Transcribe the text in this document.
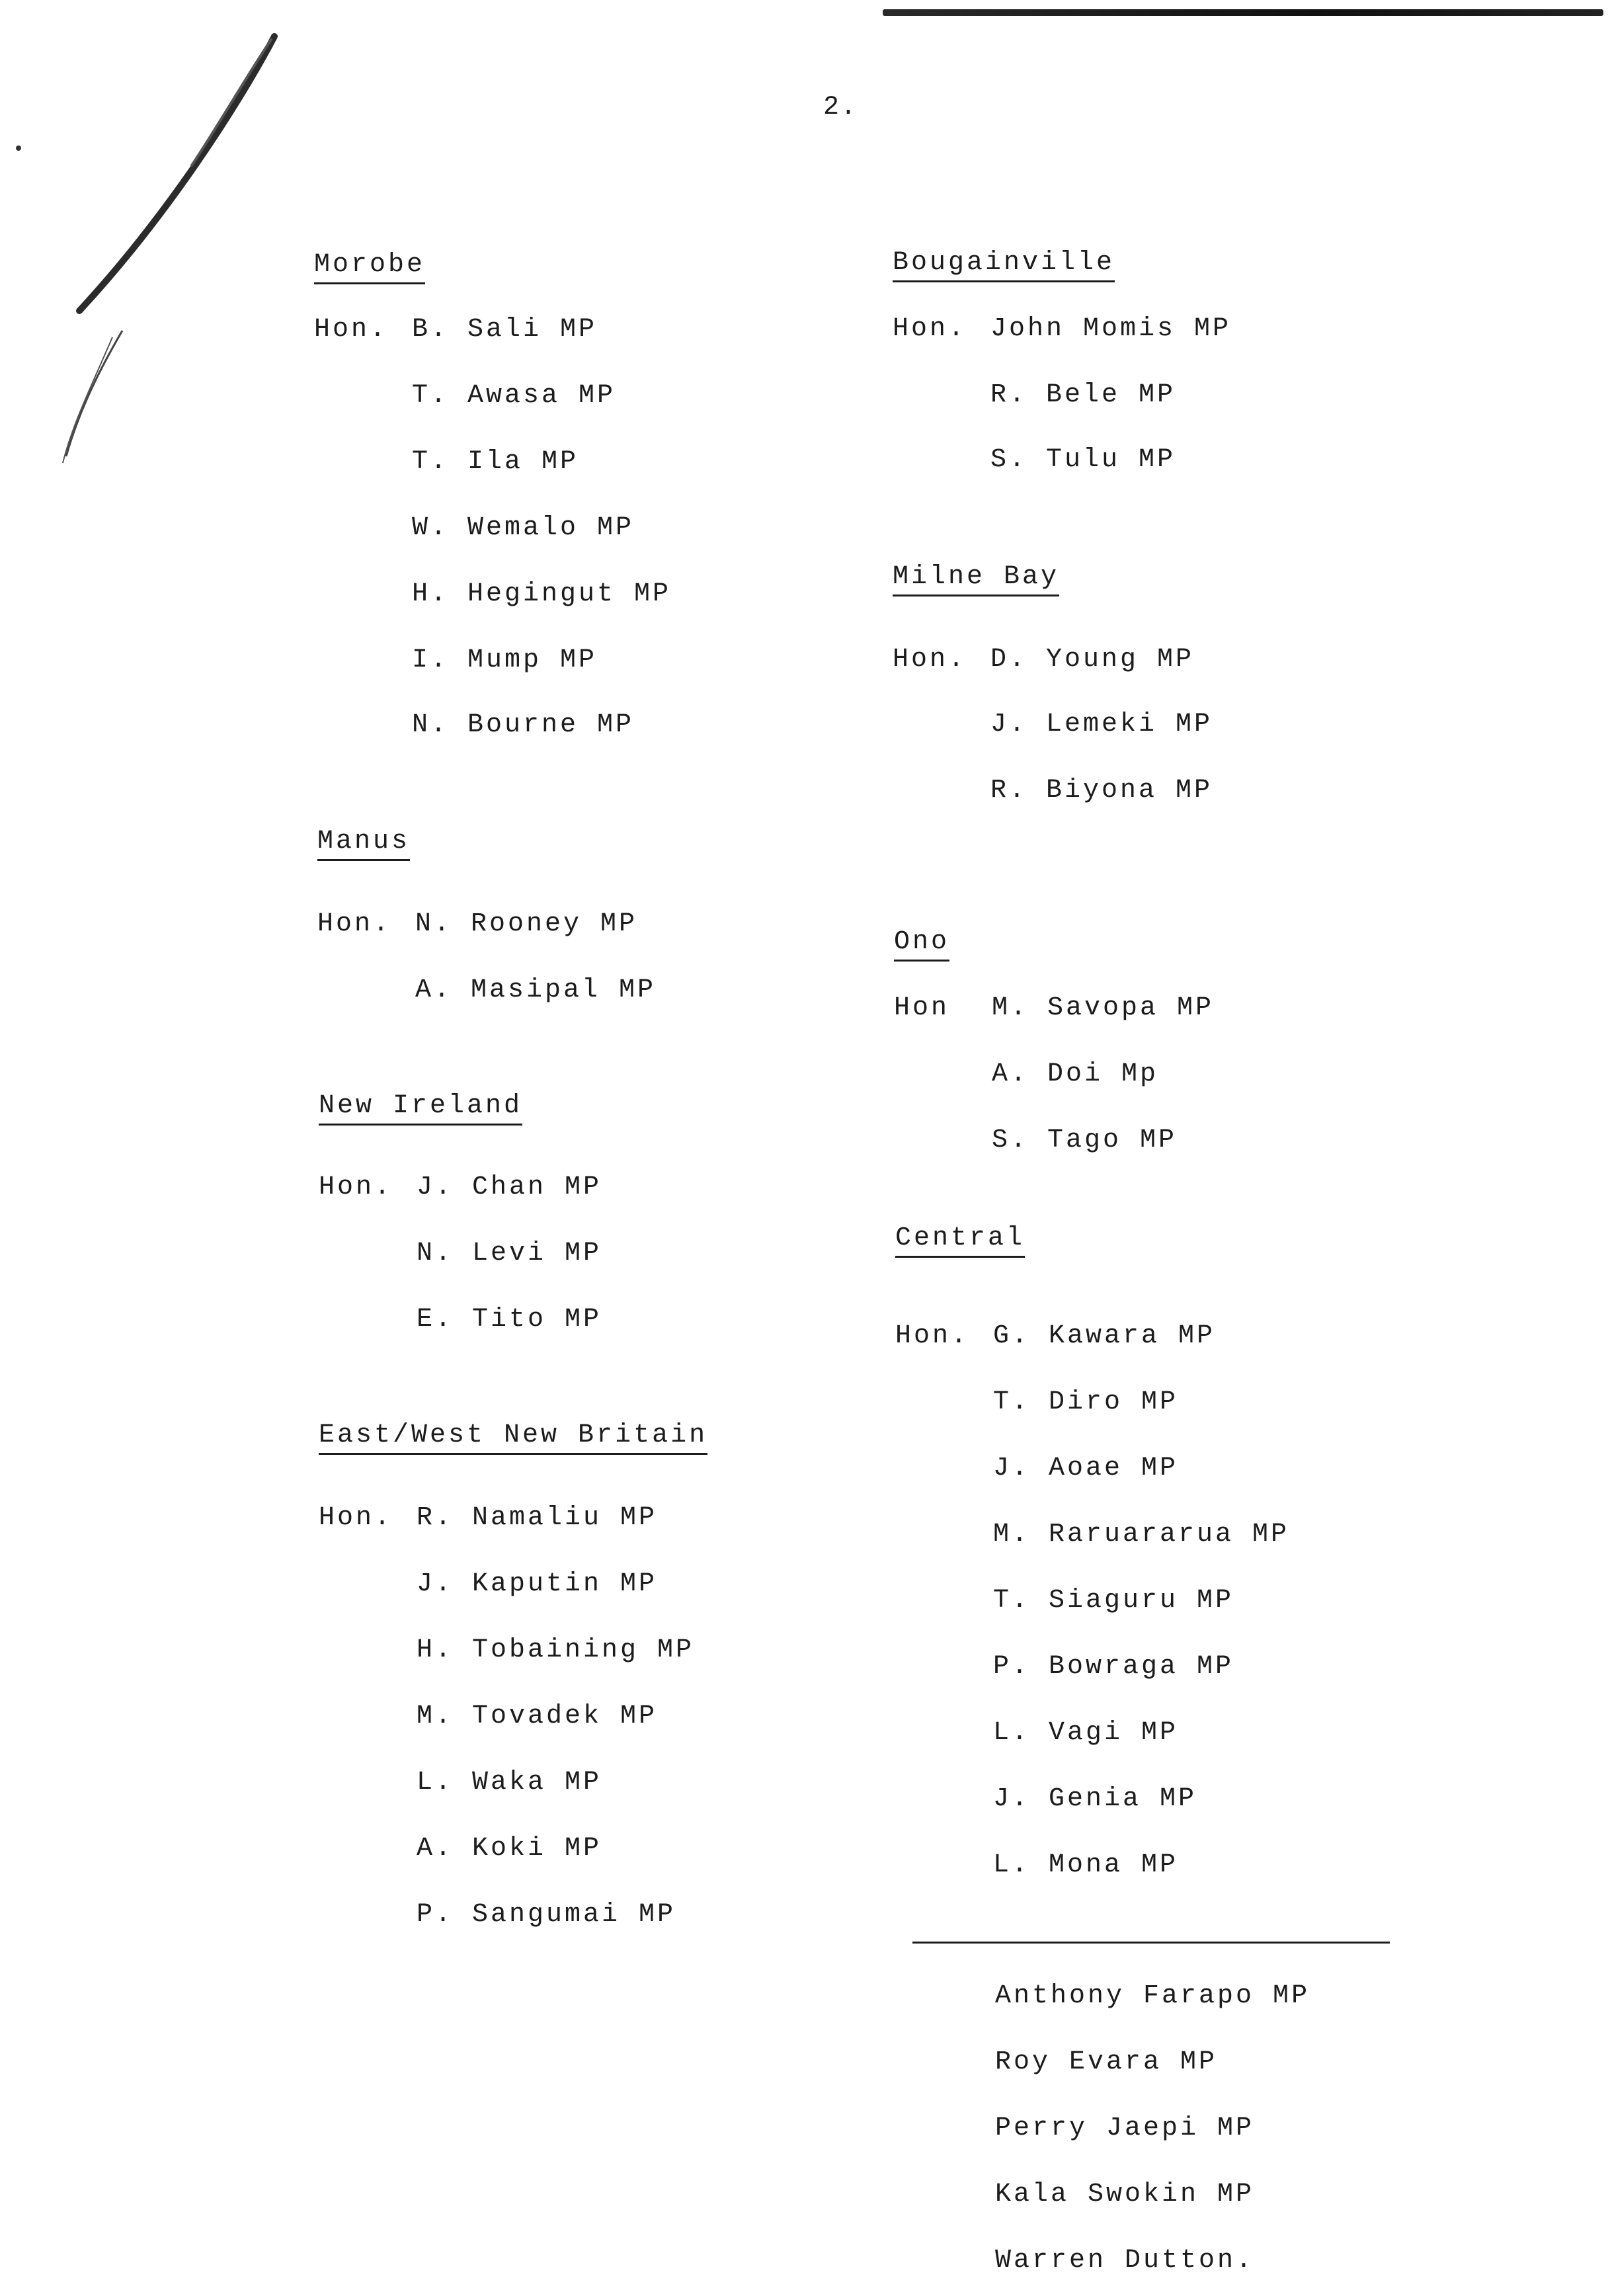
2.
Morobe
Hon. B. Sali MP
T. Awasa MP
T. Ila MP
W. Wemalo MP
H. Hegingut MP
I. Mump MP
N. Bourne MP
Manus
Hon. N. Rooney MP
A. Masipal MP
New Ireland
Hon. J. Chan MP
N. Levi MP
E. Tito MP
East/West New Britain
Hon. R. Namaliu MP
J. Kaputin MP
H. Tobaining MP
M. Tovadek MP
L. Waka MP
A. Koki MP
P. Sangumai MP
Bougainville
Hon. John Momis MP
R. Bele MP
S. Tulu MP
Milne Bay
Hon. D. Young MP
J. Lemeki MP
R. Biyona MP
Ono
Hon M. Savopa MP
A. Doi Mp
S. Tago MP
Central
Hon. G. Kawara MP
T. Diro MP
J. Aoae MP
M. Raruararua MP
T. Siaguru MP
P. Bowraga MP
L. Vagi MP
J. Genia MP
L. Mona MP
Anthony Farapo MP
Roy Evara MP
Perry Jaepi MP
Kala Swokin MP
Warren Dutton.
